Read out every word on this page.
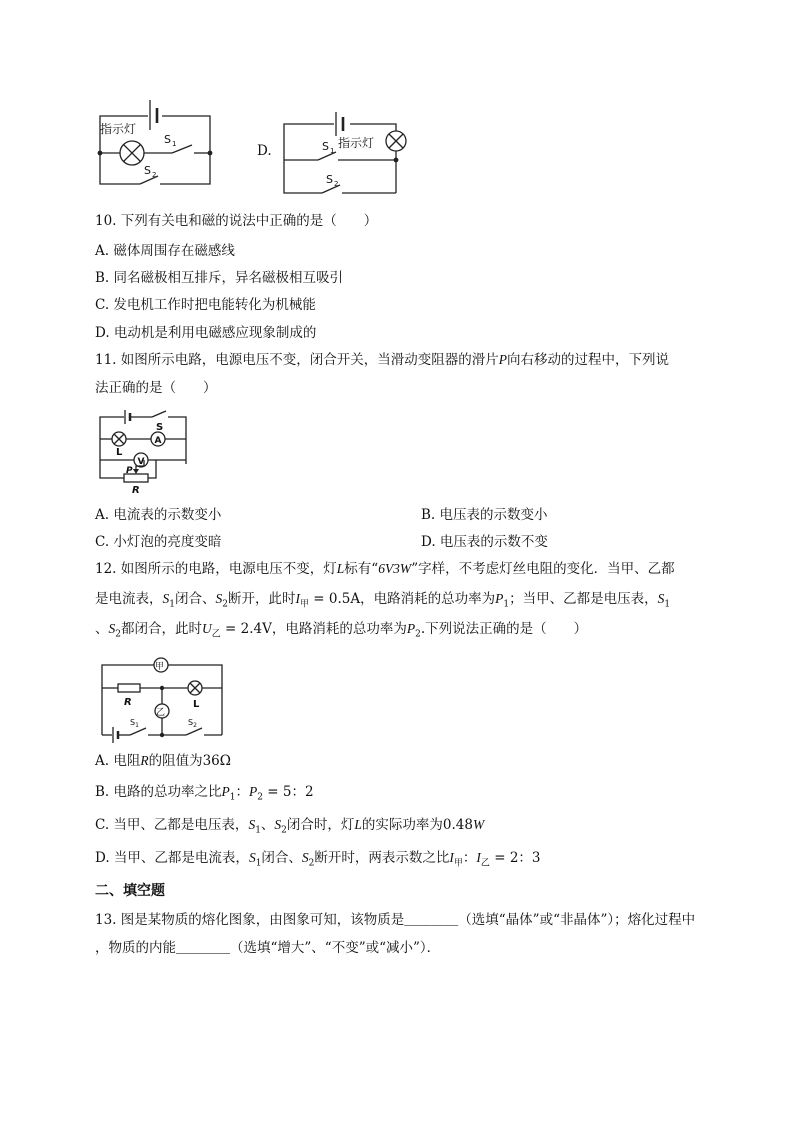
指示灯
S 1
S 2
D.	指示灯
S 1
S 2
10. 下列有关电和磁的说法中正确的是（　　）
A. 磁体周围存在磁感线
B. 同名磁极相互排斥，异名磁极相互吸引
C. 发电机工作时把电能转化为机械能
D. 电动机是利用电磁感应现象制成的
11. 如图所示电路，电源电压不变，闭合开关，当滑动变阻器的滑片P向右移动的过程中，下列说
法正确的是（　　）
S
A
L
V
P
R
A. 电流表的示数变小	B. 电压表的示数变小
C. 小灯泡的亮度变暗	D. 电压表的示数不变
12. 如图所示的电路，电源电压不变，灯L标有“6V3W”字样，不考虑灯丝电阻的变化．当甲、乙都
是电流表，$S_1$闭合、$S_2$断开，此时$I_甲 = 0.5A$，电路消耗的总功率为$P_1$；当甲、乙都是电压表，$S_1$
、$S_2$都闭合，此时$U_乙 = 2.4V$，电路消耗的总功率为$P_2$.下列说法正确的是（　　）
甲
R	L
乙
$S_1$	$S_2$
A. 电阻R的阻值为36Ω
B. 电路的总功率之比$P_1$：$P_2 = 5$：2
C. 当甲、乙都是电压表，$S_1$、$S_2$闭合时，灯L的实际功率为0.48W
D. 当甲、乙都是电流表，$S_1$闭合、$S_2$断开时，两表示数之比$I_甲$：$I_乙 = 2$：3
二、填空题
13. 图是某物质的熔化图象，由图象可知，该物质是＿＿＿＿（选填“晶体”或“非晶体”）；熔化过程中
，物质的内能＿＿＿＿（选填“增大”、“不变”或“减小”）．
